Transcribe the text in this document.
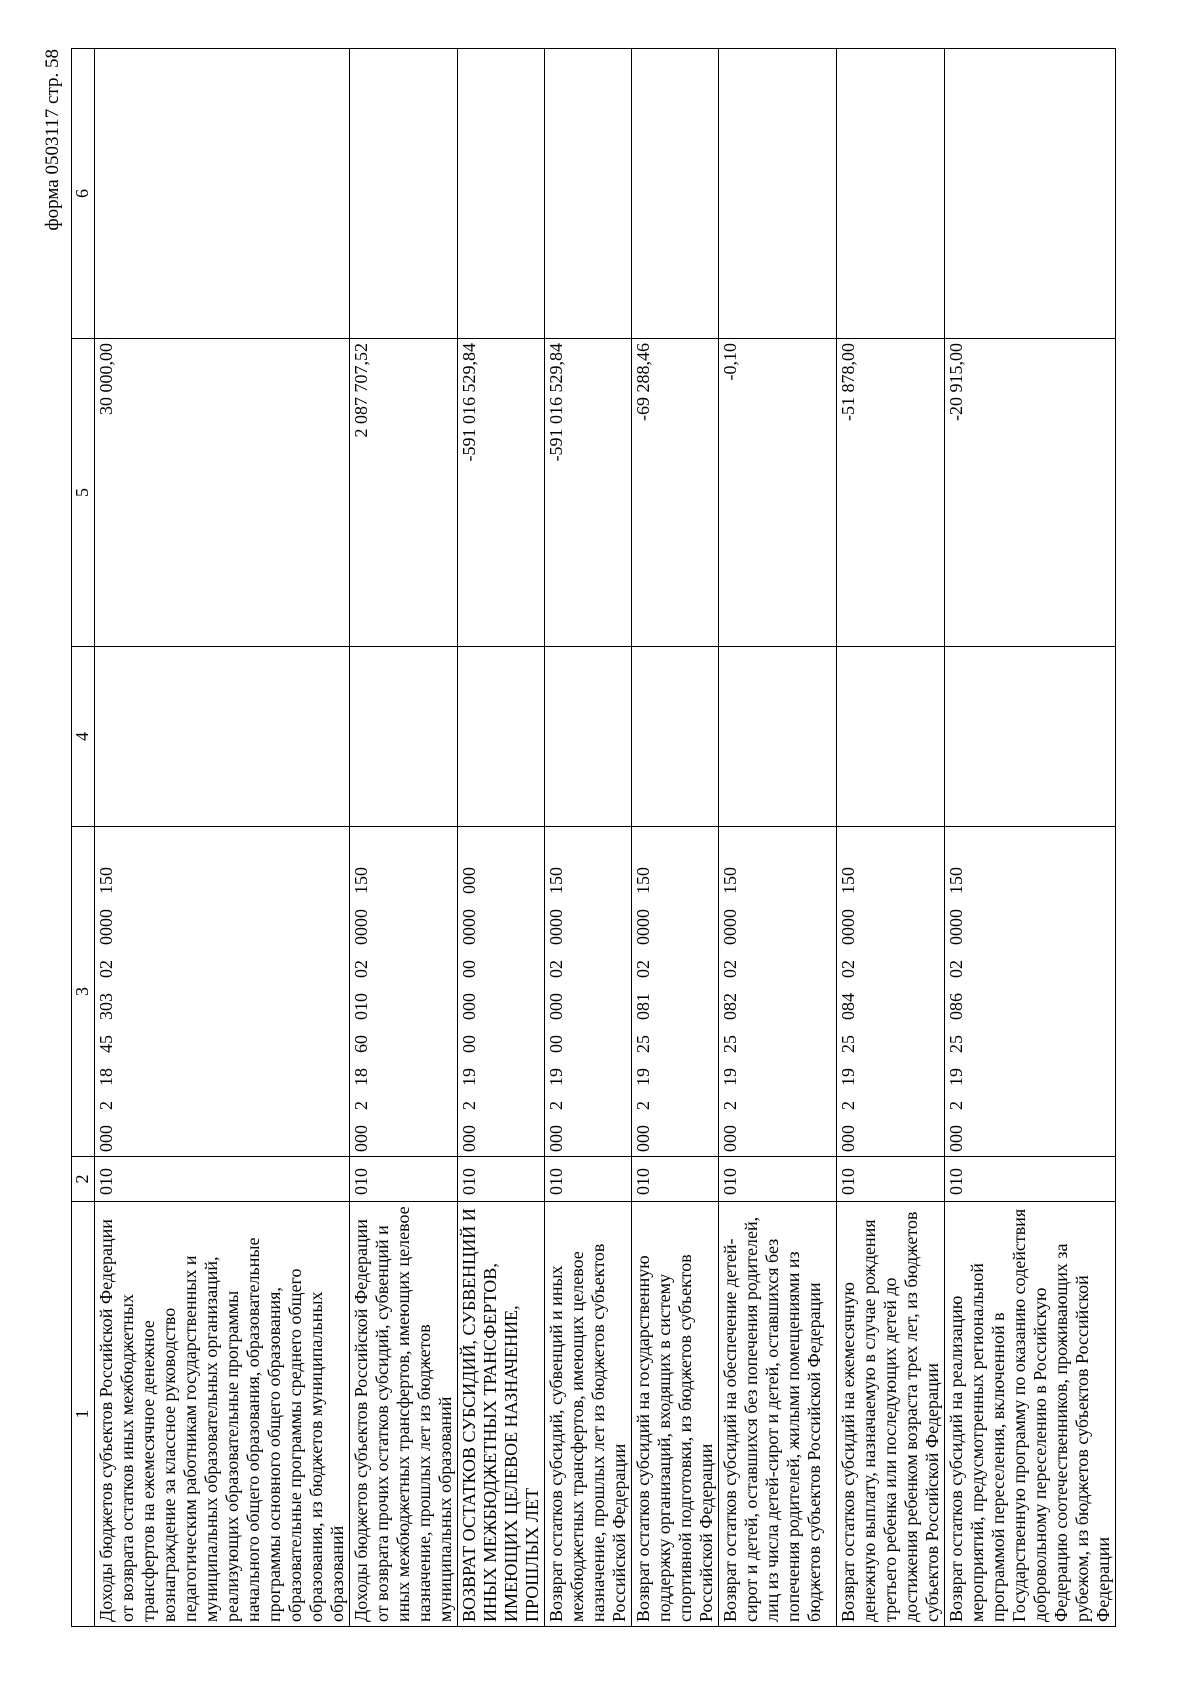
форма 0503117 стр. 58
1	2	3	4	5	6
Доходы бюджетов субъектов Российской Федерации от возврата остатков иных межбюджетных трансфертов на ежемесячное денежное вознаграждение за классное руководство педагогическим работникам государственных и муниципальных образовательных организаций, реализующих образовательные программы начального общего образования, образовательные программы основного общего образования, образовательные программы среднего общего образования, из бюджетов муниципальных образований	010	000  2  18  45  303  02  0000  150		30 000,00	
Доходы бюджетов субъектов Российской Федерации от возврата прочих остатков субсидий, субвенций и иных межбюджетных трансфертов, имеющих целевое назначение, прошлых лет из бюджетов муниципальных образований	010	000  2  18  60  010  02  0000  150		2 087 707,52	
ВОЗВРАТ ОСТАТКОВ СУБСИДИЙ, СУБВЕНЦИЙ И ИНЫХ МЕЖБЮДЖЕТНЫХ ТРАНСФЕРТОВ, ИМЕЮЩИХ ЦЕЛЕВОЕ НАЗНАЧЕНИЕ, ПРОШЛЫХ ЛЕТ	010	000  2  19  00  000  00  0000  000		-591 016 529,84	
Возврат остатков субсидий, субвенций и иных межбюджетных трансфертов, имеющих целевое назначение, прошлых лет из бюджетов субъектов Российской Федерации	010	000  2  19  00  000  02  0000  150		-591 016 529,84	
Возврат остатков субсидий на государственную поддержку организаций, входящих в систему спортивной подготовки, из бюджетов субъектов Российской Федерации	010	000  2  19  25  081  02  0000  150		-69 288,46	
Возврат остатков субсидий на обеспечение детей-сирот и детей, оставшихся без попечения родителей, лиц из числа детей-сирот и детей, оставшихся без попечения родителей, жилыми помещениями из бюджетов субъектов Российской Федерации	010	000  2  19  25  082  02  0000  150		-0,10	
Возврат остатков субсидий на ежемесячную денежную выплату, назначаемую в случае рождения третьего ребенка или последующих детей до достижения ребенком возраста трех лет, из бюджетов субъектов Российской Федерации	010	000  2  19  25  084  02  0000  150		-51 878,00	
Возврат остатков субсидий на реализацию мероприятий, предусмотренных региональной программой переселения, включенной в Государственную программу по оказанию содействия добровольному переселению в Российскую Федерацию соотечественников, проживающих за рубежом, из бюджетов субъектов Российской Федерации	010	000  2  19  25  086  02  0000  150		-20 915,00	
